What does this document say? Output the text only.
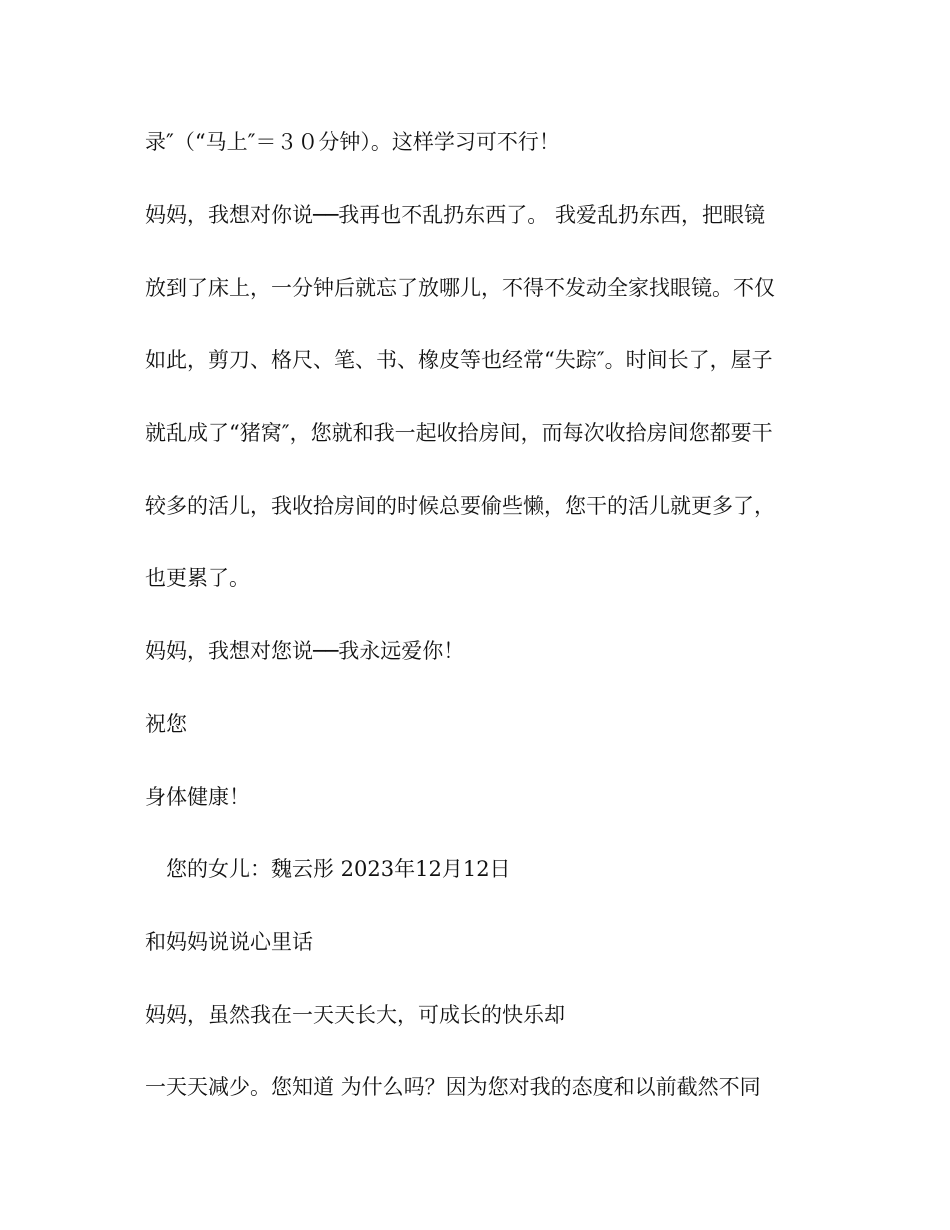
录″（“马上″＝３０分钟）。这样学习可不行！

妈妈，我想对你说──我再也不乱扔东西了。 我爱乱扔东西，把眼镜

放到了床上，一分钟后就忘了放哪儿，不得不发动全家找眼镜。不仅

如此，剪刀、格尺、笔、书、橡皮等也经常“失踪″。时间长了，屋子

就乱成了“猪窝″，您就和我一起收拾房间，而每次收拾房间您都要干

较多的活儿，我收拾房间的时候总要偷些懒，您干的活儿就更多了，

也更累了。

妈妈，我想对您说──我永远爱你！

祝您

身体健康！

您的女儿：魏云彤 2023年12月12日

和妈妈说说心里话

妈妈，虽然我在一天天长大，可成长的快乐却

一天天减少。您知道 为什么吗？因为您对我的态度和以前截然不同
